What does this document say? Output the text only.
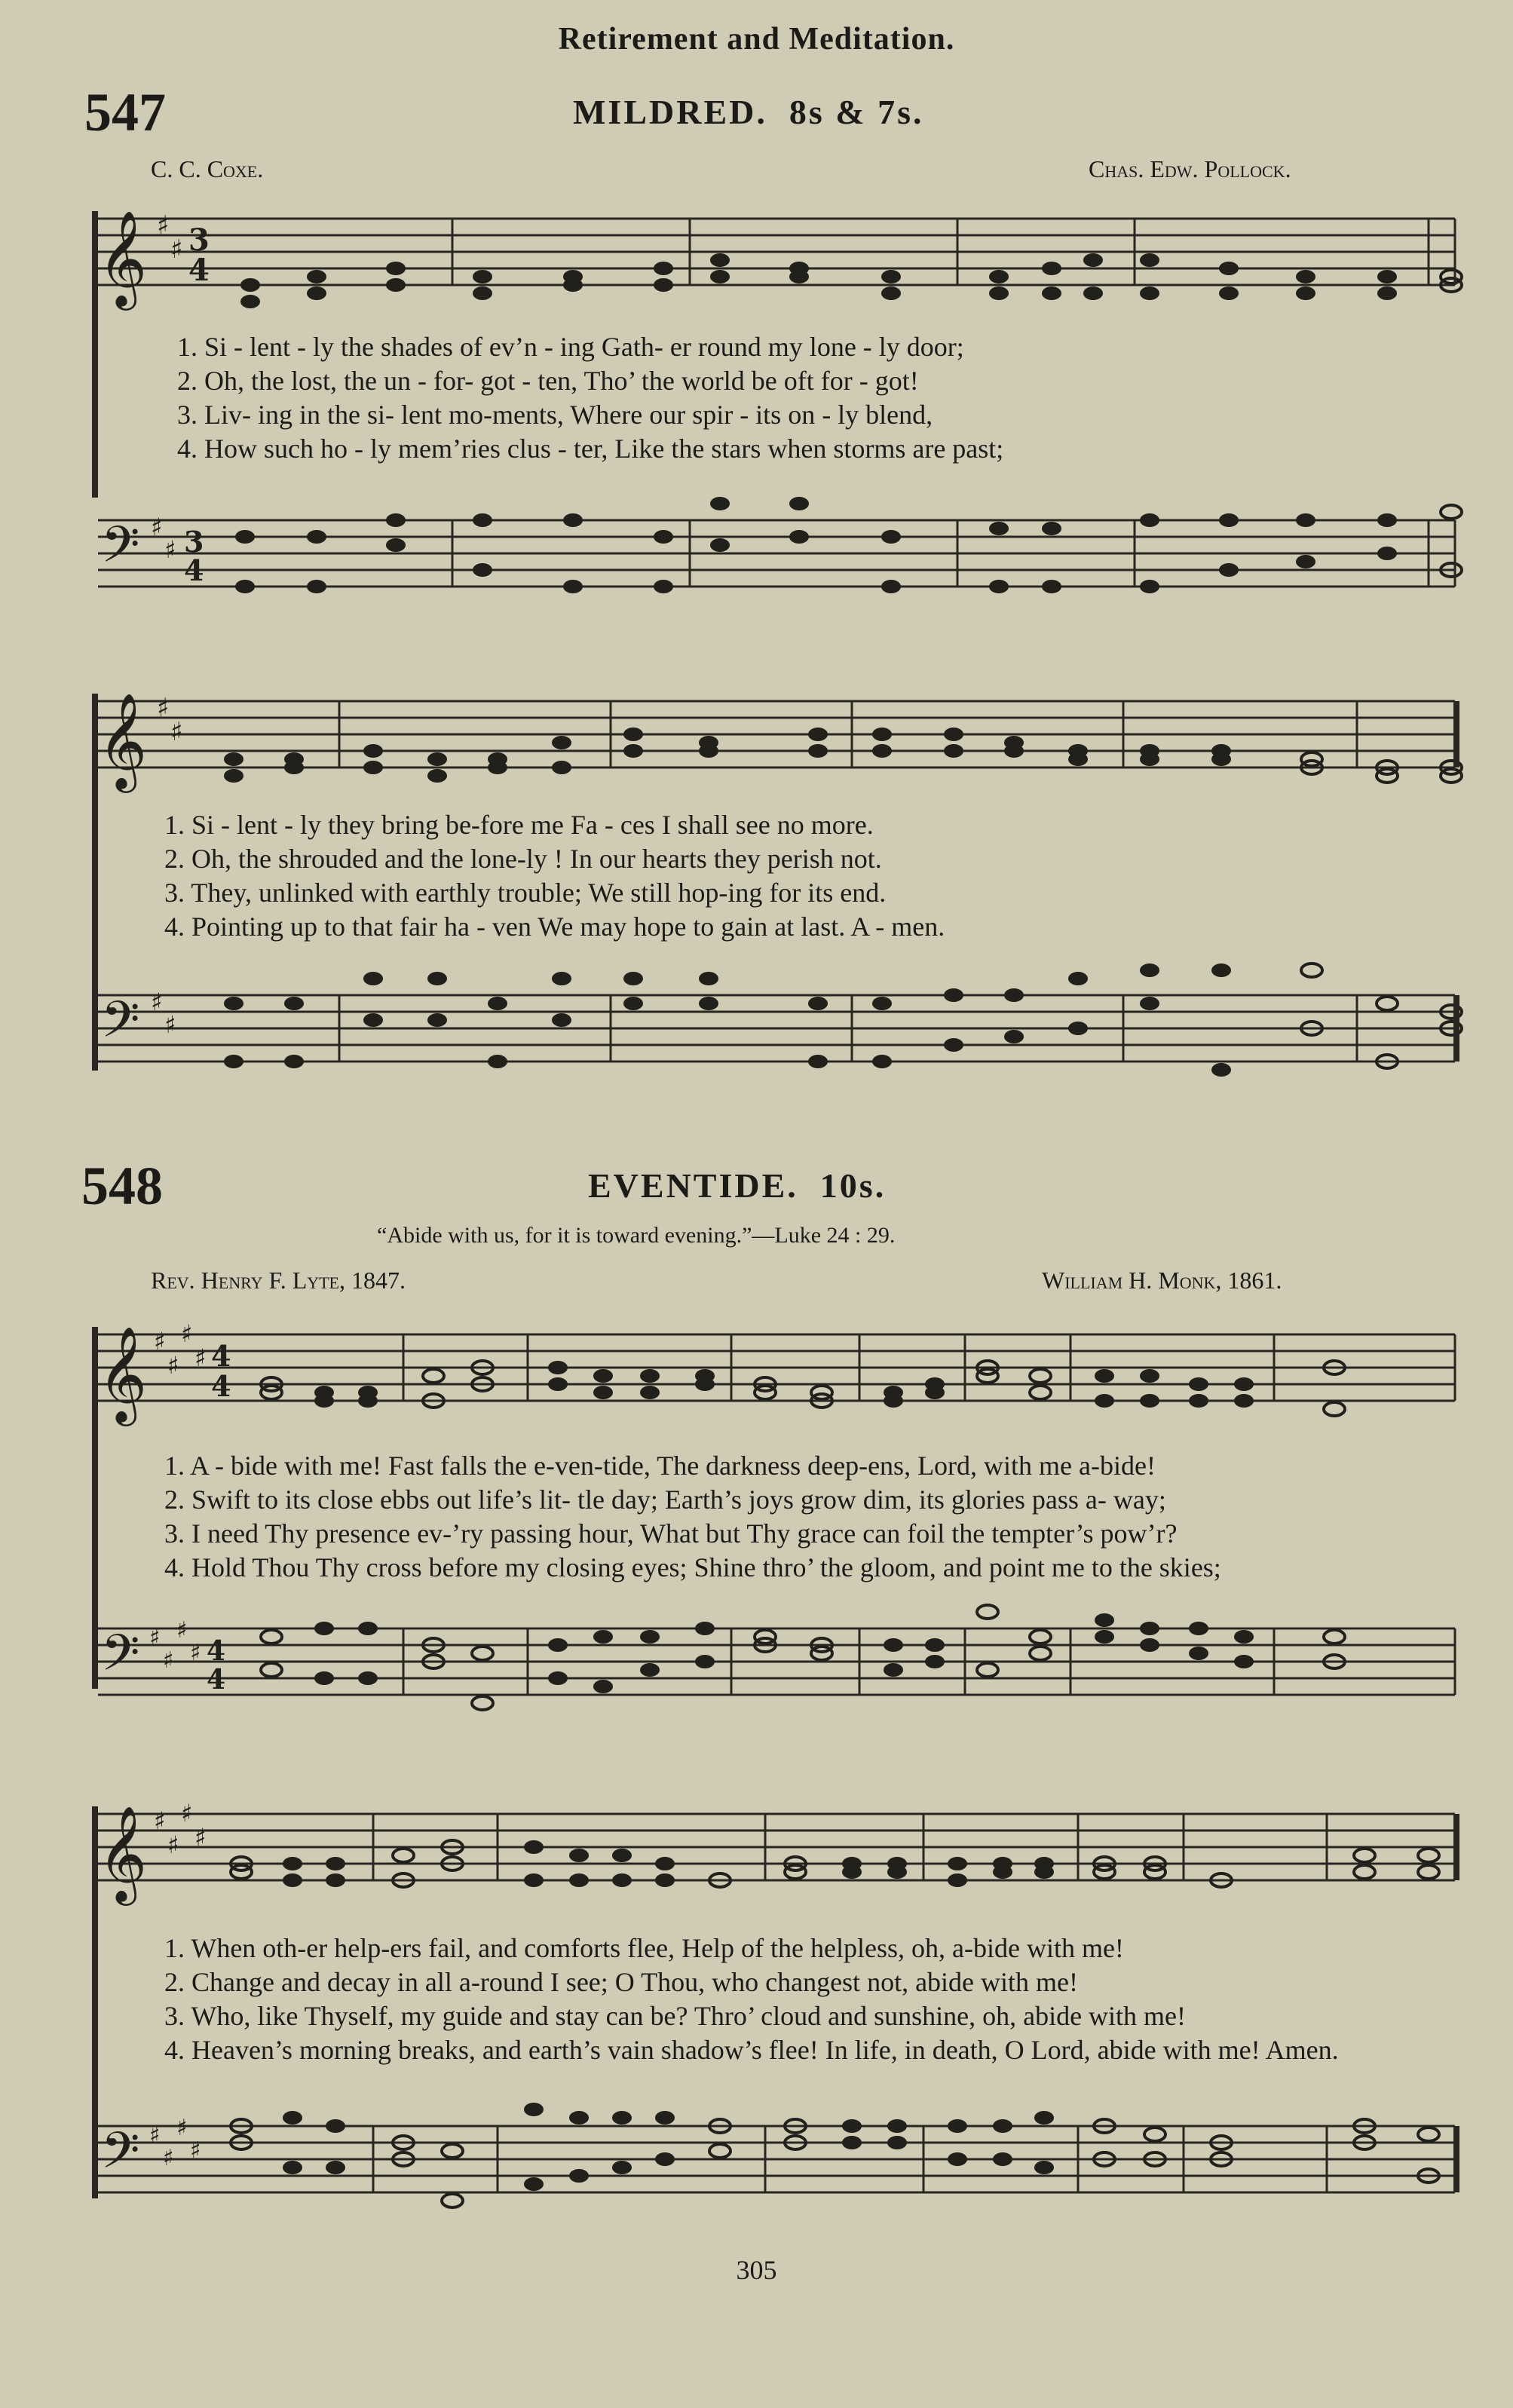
Retirement and Meditation.
547	MILDRED. 8s & 7s.
C. C. Coxe.	Chas. Edw. Pollock.
𝄞 ♯
♯ 3
4
1. Si - lent - ly the shades of ev’n - ing Gath- er round my lone - ly door;
2. Oh, the lost, the un - for- got - ten, Tho’ the world be oft for - got!
3. Liv- ing in the si- lent mo-ments, Where our spir - its on - ly blend,
4. How such ho - ly mem’ries clus - ter, Like the stars when storms are past;
𝄢 ♯
♯ 3
4
𝄞 ♯
♯
1. Si - lent - ly they bring be-fore me Fa - ces I shall see no more.
2. Oh, the shrouded and the lone-ly ! In our hearts they perish not.
3. They, unlinked with earthly trouble; We still hop-ing for its end.
4. Pointing up to that fair ha - ven We may hope to gain at last. A - men.
𝄢 ♯
♯
548	EVENTIDE. 10s.
“Abide with us, for it is toward evening.”—Luke 24 : 29.
Rev. Henry F. Lyte, 1847.	William H. Monk, 1861.
𝄞 ♯
♯
♯
♯ 4
4
1. A - bide with me! Fast falls the e-ven-tide, The darkness deep-ens, Lord, with me a-bide!
2. Swift to its close ebbs out life’s lit- tle day; Earth’s joys grow dim, its glories pass a- way;
3. I need Thy presence ev-’ry passing hour, What but Thy grace can foil the tempter’s pow’r?
4. Hold Thou Thy cross before my closing eyes; Shine thro’ the gloom, and point me to the skies;
𝄢 ♯
♯
♯
♯ 4
4
𝄞 ♯
♯
♯
♯
1. When oth-er help-ers fail, and comforts flee, Help of the helpless, oh, a-bide with me!
2. Change and decay in all a-round I see; O Thou, who changest not, abide with me!
3. Who, like Thyself, my guide and stay can be? Thro’ cloud and sunshine, oh, abide with me!
4. Heaven’s morning breaks, and earth’s vain shadow’s flee! In life, in death, O Lord, abide with me! Amen.
𝄢 ♯
♯
♯
♯
305
